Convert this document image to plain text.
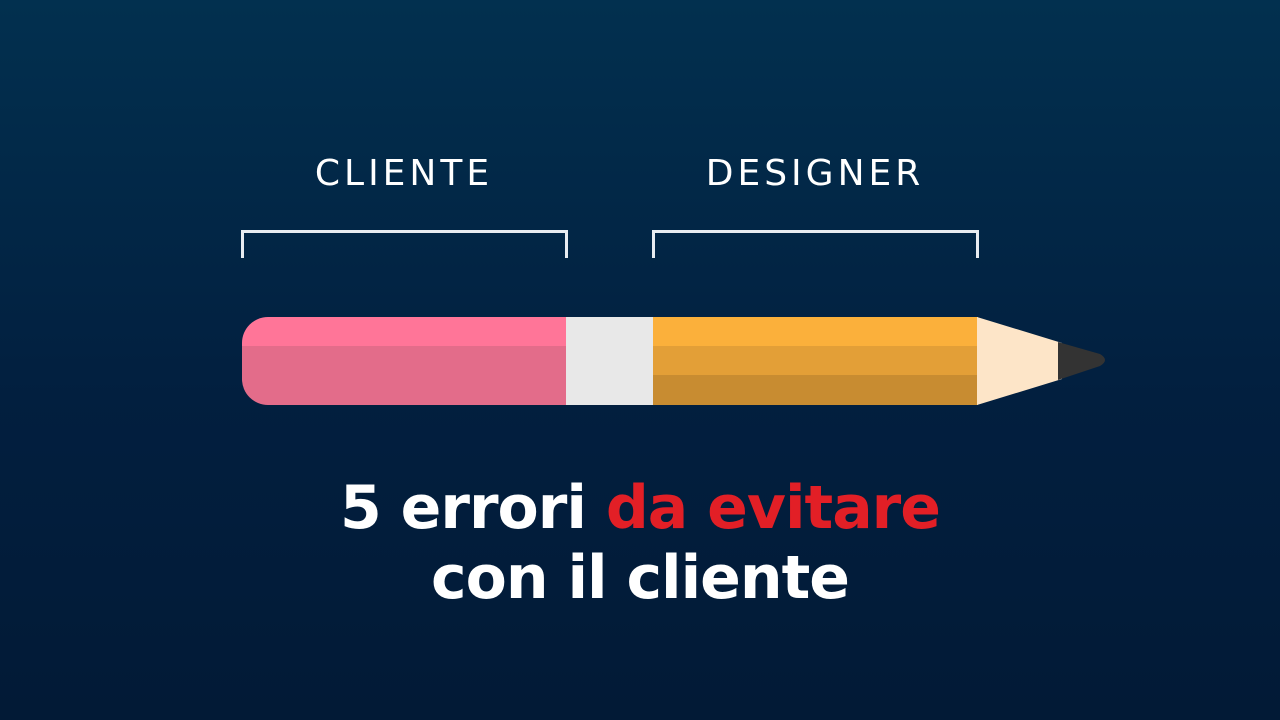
CLIENTE	DESIGNER
5 errori da evitare
con il cliente
